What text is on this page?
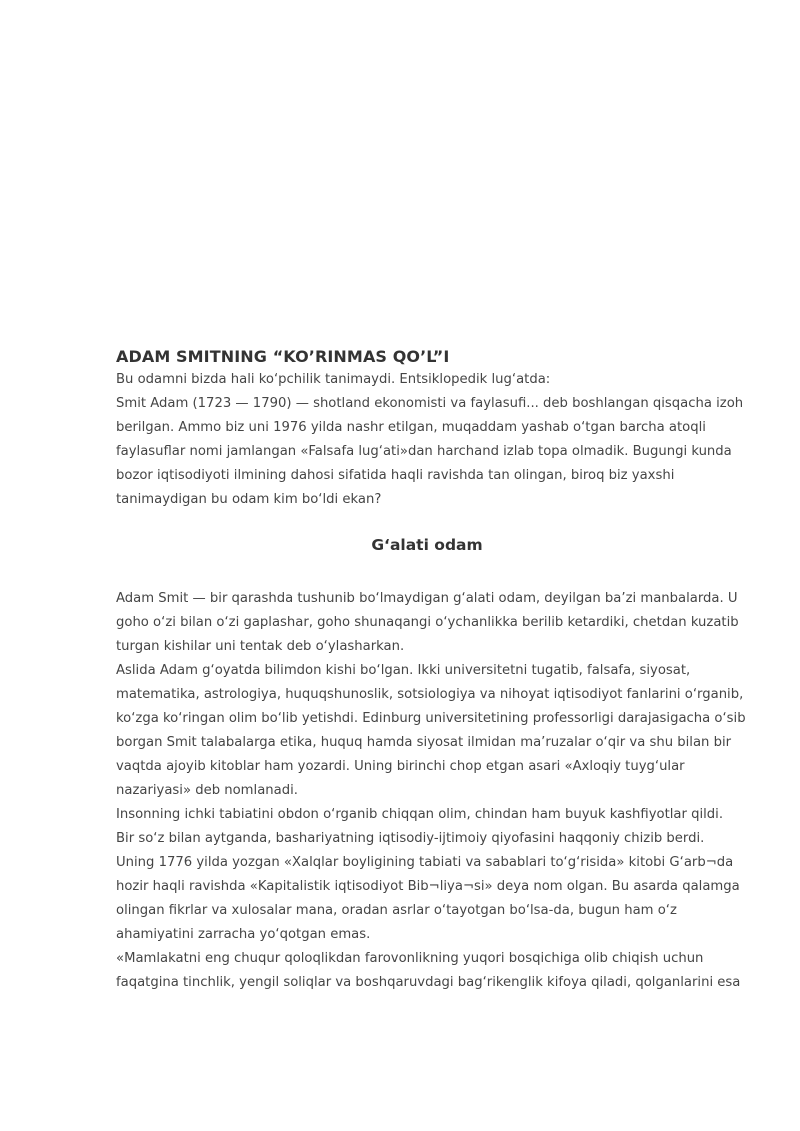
ADAM SMITNING “KO’RINMAS QO’L”I
Bu odamni bizda hali ko‘pchilik tanimaydi. Entsiklopedik lug‘atda:
Smit Adam (1723 — 1790) — shotland ekonomisti va faylasufi... deb boshlangan qisqacha izoh
berilgan. Ammo biz uni 1976 yilda nashr etilgan, muqaddam yashab o‘tgan barcha atoqli
faylasuflar nomi jamlangan «Falsafa lug‘ati»dan harchand izlab topa olmadik. Bugungi kunda
bozor iqtisodiyoti ilmining dahosi sifatida haqli ravishda tan olingan, biroq biz yaxshi
tanimaydigan bu odam kim bo‘ldi ekan?
G‘alati odam
Adam Smit — bir qarashda tushunib bo‘lmaydigan g‘alati odam, deyilgan ba’zi manbalarda. U
goho o‘zi bilan o‘zi gaplashar, goho shunaqangi o‘ychanlikka berilib ketardiki, chetdan kuzatib
turgan kishilar uni tentak deb o‘ylasharkan.
Aslida Adam g‘oyatda bilimdon kishi bo‘lgan. Ikki universitetni tugatib, falsafa, siyosat,
matematika, astrologiya, huquqshunoslik, sotsiologiya va nihoyat iqtisodiyot fanlarini o‘rganib,
ko‘zga ko‘ringan olim bo‘lib yetishdi. Edinburg universitetining professorligi darajasigacha o‘sib
borgan Smit talabalarga etika, huquq hamda siyosat ilmidan ma’ruzalar o‘qir va shu bilan bir
vaqtda ajoyib kitoblar ham yozardi. Uning birinchi chop etgan asari «Axloqiy tuyg‘ular
nazariyasi» deb nomlanadi.
Insonning ichki tabiatini obdon o‘rganib chiqqan olim, chindan ham buyuk kashfiyotlar qildi.
Bir so‘z bilan aytganda, bashariyatning iqtisodiy-ijtimoiy qiyofasini haqqoniy chizib berdi.
Uning 1776 yilda yozgan «Xalqlar boyligining tabiati va sabablari to‘g‘risida» kitobi G‘arb¬da
hozir haqli ravishda «Kapitalistik iqtisodiyot Bib¬liya¬si» deya nom olgan. Bu asarda qalamga
olingan fikrlar va xulosalar mana, oradan asrlar o‘tayotgan bo‘lsa-da, bugun ham o‘z
ahamiyatini zarracha yo‘qotgan emas.
«Mamlakatni eng chuqur qoloqlikdan farovonlikning yuqori bosqichiga olib chiqish uchun
faqatgina tinchlik, yengil soliqlar va boshqaruvdagi bag‘rikenglik kifoya qiladi, qolganlarini esa
